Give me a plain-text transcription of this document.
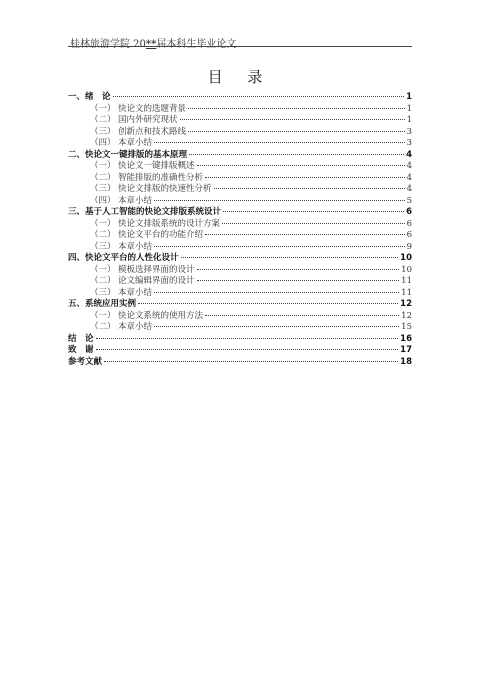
桂林旅游学院 20**届本科生毕业论文
目 录
一、绪　论	1
（一） 快论文的选题背景	1
（二） 国内外研究现状	1
（三） 创新点和技术路线	3
（四） 本章小结	3
二、快论文一键排版的基本原理	4
（一） 快论文一键排版概述	4
（二） 智能排版的准确性分析	4
（三） 快论文排版的快速性分析	4
（四） 本章小结	5
三、基于人工智能的快论文排版系统设计	6
（一） 快论文排版系统的设计方案	6
（二） 快论文平台的功能介绍	6
（三） 本章小结	9
四、快论文平台的人性化设计	10
（一） 模板选择界面的设计	10
（二） 论文编辑界面的设计	11
（三） 本章小结	11
五、系统应用实例	12
（一） 快论文系统的使用方法	12
（二） 本章小结	15
结　论	16
致　谢	17
参考文献	18
